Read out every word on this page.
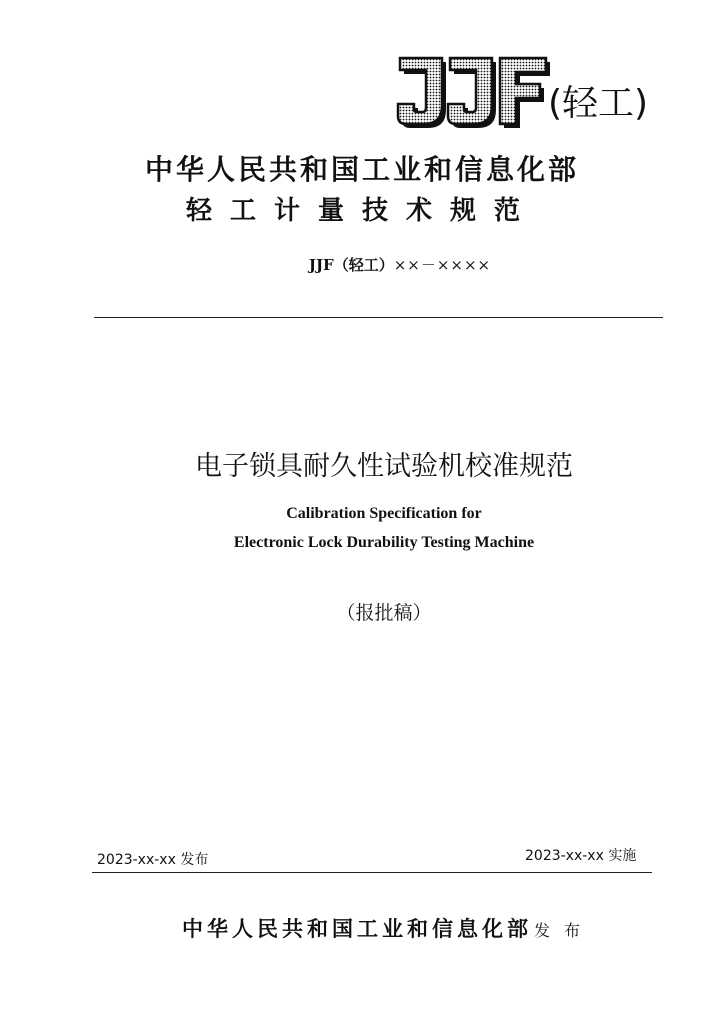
(轻工)
中华人民共和国工业和信息化部
轻工计量技术规范
JJF（轻工）××－××××
电子锁具耐久性试验机校准规范
Calibration Specification for
Electronic Lock Durability Testing Machine
（报批稿）
2023-xx-xx 发布	2023-xx-xx 实施
中华人民共和国工业和信息化部 发布
